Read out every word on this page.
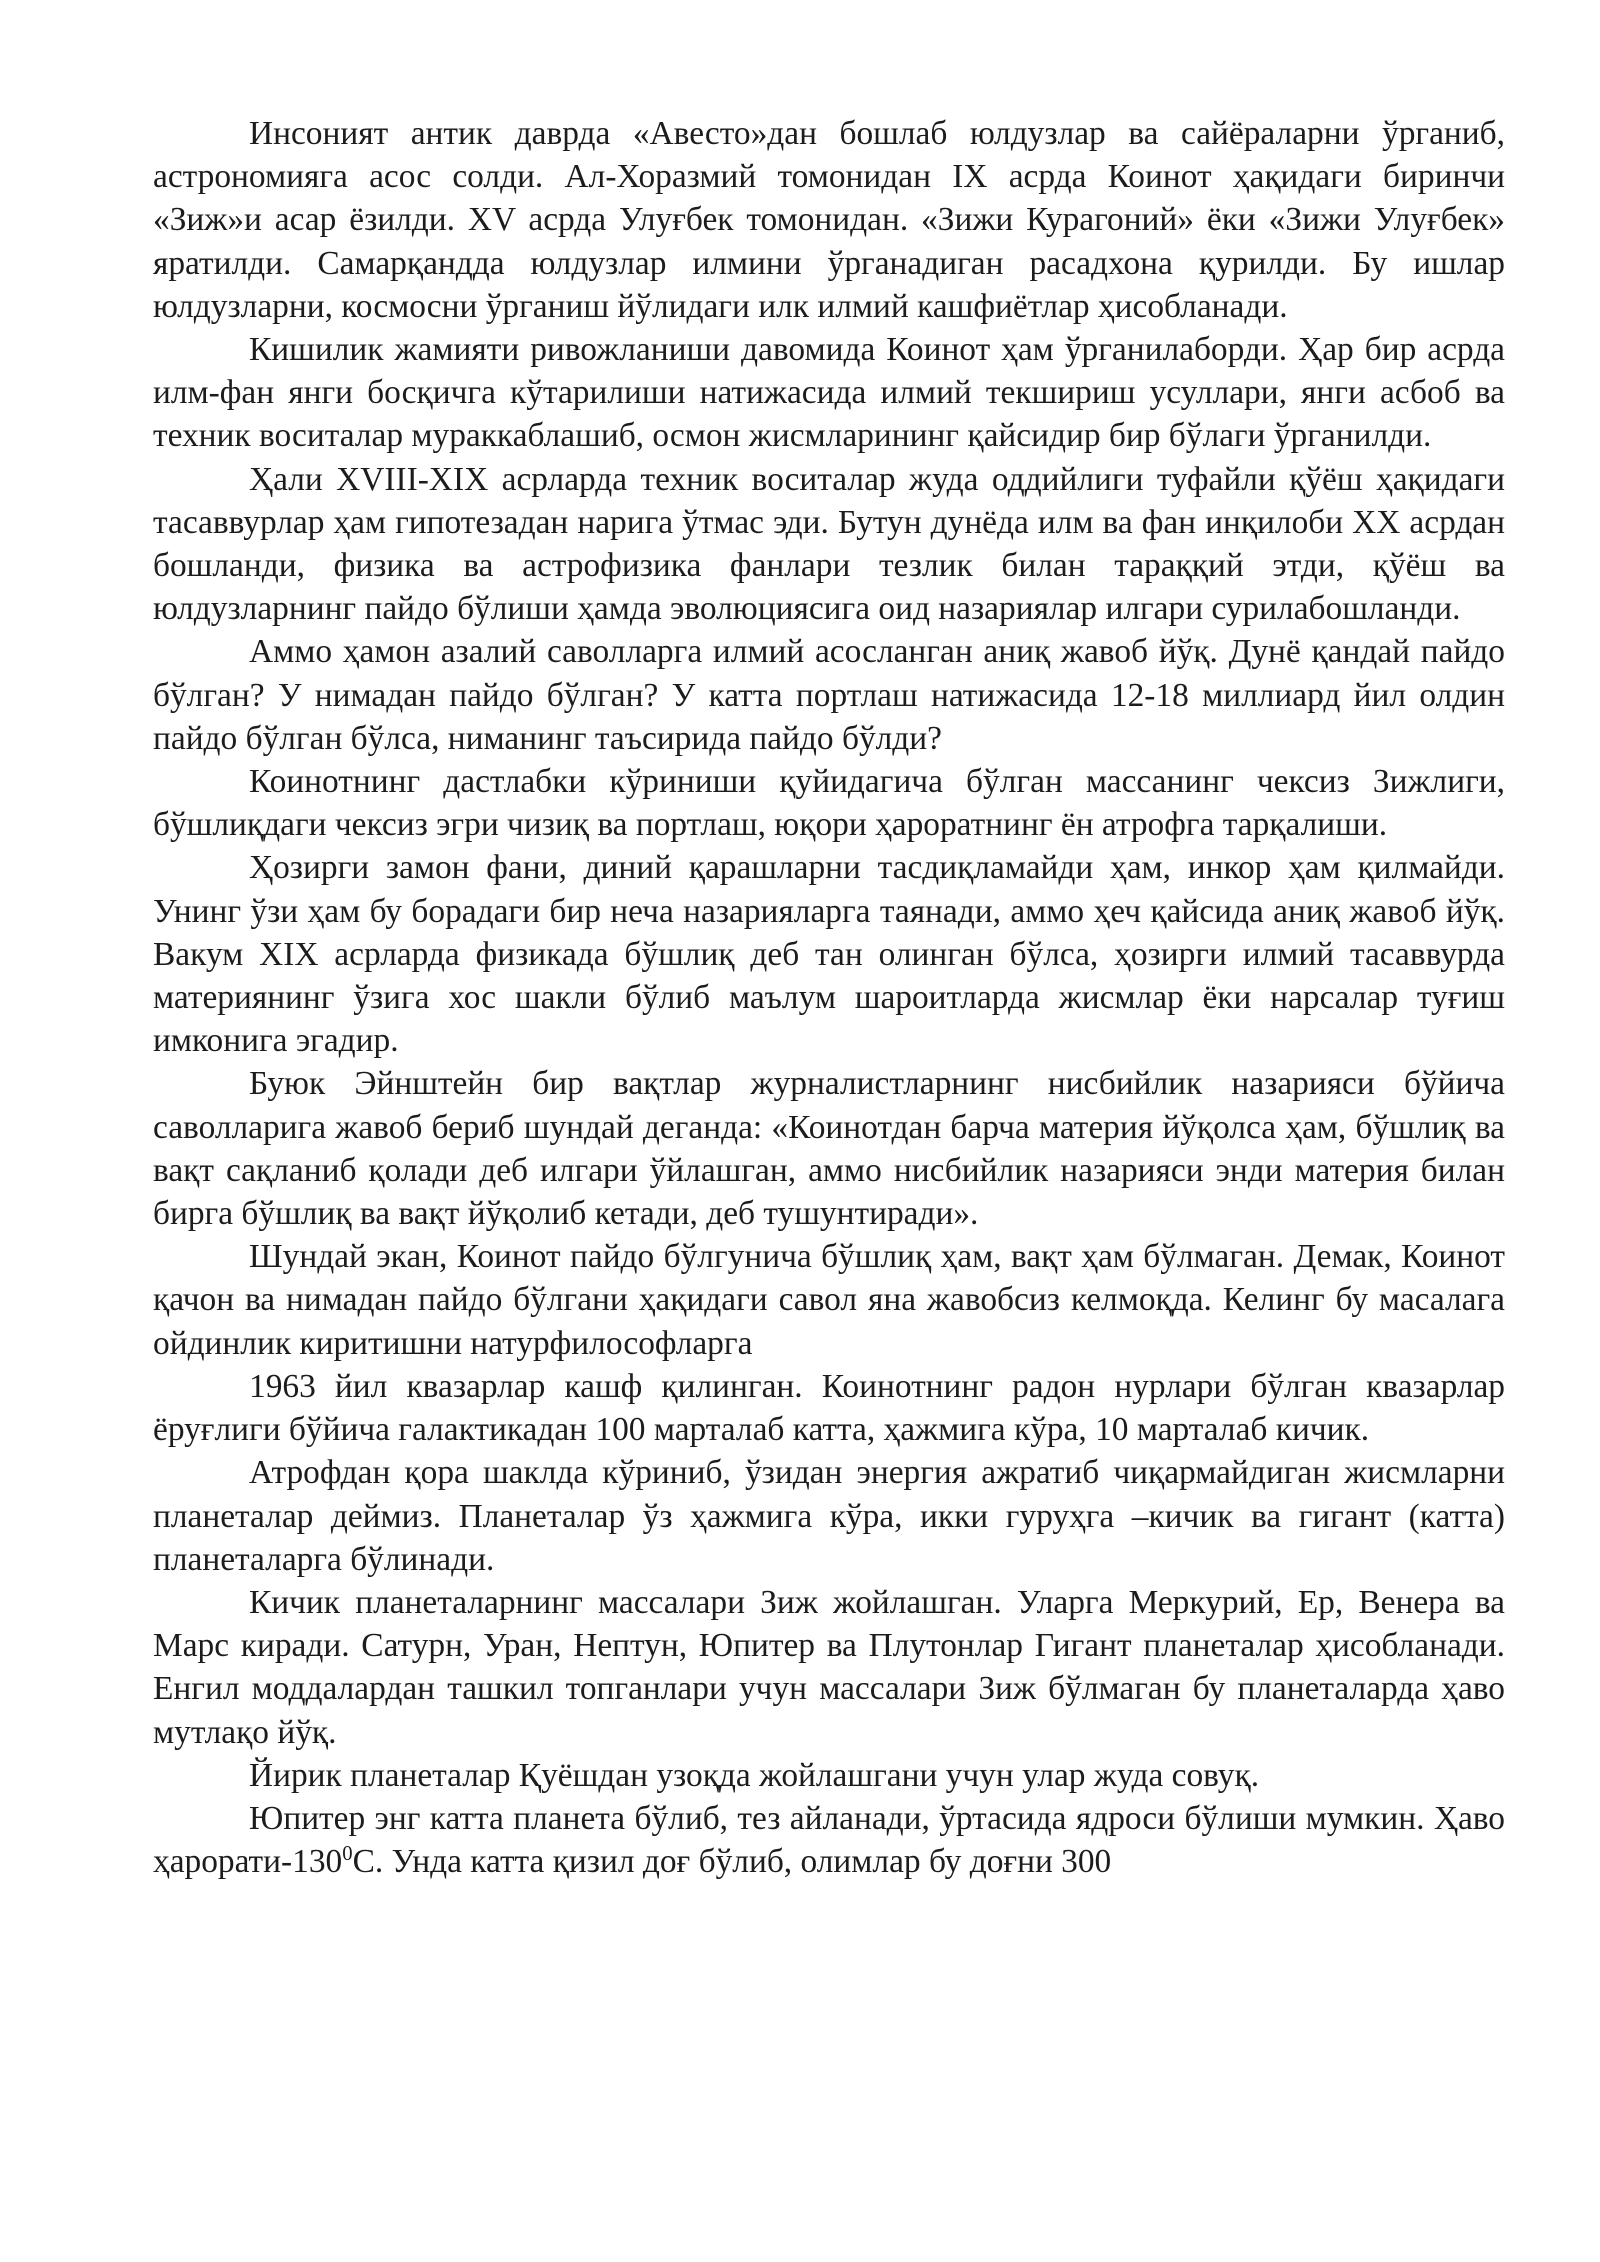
Инсоният антик даврда «Авесто»дан бошлаб юлдузлар ва сайёраларни ўрганиб, астрономияга асос солди. Ал-Хоразмий томонидан IX асрда Коинот ҳақидаги биринчи «Зиж»и асар ёзилди. XV асрда Улуғбек томонидан. «Зижи Курагоний» ёки «Зижи Улуғбек» яратилди. Самарқандда юлдузлар илмини ўрганадиган расадхона қурилди. Бу ишлар юлдузларни, космосни ўрганиш йўлидаги илк илмий кашфиётлар ҳисобланади.

Кишилик жамияти ривожланиши давомида Коинот ҳам ўрганилаборди. Ҳар бир асрда илм-фан янги босқичга кўтарилиши натижасида илмий текшириш усуллари, янги асбоб ва техник воситалар мураккаблашиб, осмон жисмларининг қайсидир бир бўлаги ўрганилди.

Ҳали XVIII-XIX асрларда техник воситалар жуда оддийлиги туфайли қўёш ҳақидаги тасаввурлар ҳам гипотезадан нарига ўтмас эди. Бутун дунёда илм ва фан инқилоби XX асрдан бошланди, физика ва астрофизика фанлари тезлик билан тараққий этди, қўёш ва юлдузларнинг пайдо бўлиши ҳамда эволюциясига оид назариялар илгари сурилабошланди.

Аммо ҳамон азалий саволларга илмий асосланган аниқ жавоб йўқ. Дунё қандай пайдо бўлган? У нимадан пайдо бўлган? У катта портлаш натижасида 12-18 миллиард йил олдин пайдо бўлган бўлса, ниманинг таъсирида пайдо бўлди?

Коинотнинг дастлабки кўриниши қуйидагича бўлган массанинг чексиз Зижлиги, бўшлиқдаги чексиз эгри чизиқ ва портлаш, юқори ҳароратнинг ён атрофга тарқалиши.

Ҳозирги замон фани, диний қарашларни тасдиқламайди ҳам, инкор ҳам қилмайди. Унинг ўзи ҳам бу борадаги бир неча назарияларга таянади, аммо ҳеч қайсида аниқ жавоб йўқ. Вакум XIX асрларда физикада бўшлиқ деб тан олинган бўлса, ҳозирги илмий тасаввурда материянинг ўзига хос шакли бўлиб маълум шароитларда жисмлар ёки нарсалар туғиш имконига эгадир.

Буюк Эйнштейн бир вақтлар журналистларнинг нисбийлик назарияси бўйича саволларига жавоб бериб шундай деганда: «Коинотдан барча материя йўқолса ҳам, бўшлиқ ва вақт сақланиб қолади деб илгари ўйлашган, аммо нисбийлик назарияси энди материя билан бирга бўшлиқ ва вақт йўқолиб кетади, деб тушунтиради».

Шундай экан, Коинот пайдо бўлгунича бўшлиқ ҳам, вақт ҳам бўлмаган. Демак, Коинот қачон ва нимадан пайдо бўлгани ҳақидаги савол яна жавобсиз келмоқда. Келинг бу масалага ойдинлик киритишни натурфилософларга

1963 йил квазарлар кашф қилинган. Коинотнинг радон нурлари бўлган квазарлар ёруғлиги бўйича галактикадан 100 марталаб катта, ҳажмига кўра, 10 марталаб кичик.

Атрофдан қора шаклда кўриниб, ўзидан энергия ажратиб чиқармайдиган жисмларни планеталар деймиз. Планеталар ўз ҳажмига кўра, икки гуруҳга –кичик ва гигант (катта) планеталарга бўлинади.

Кичик планеталарнинг массалари Зиж жойлашган. Уларга Меркурий, Ер, Венера ва Марс киради. Сатурн, Уран, Нептун, Юпитер ва Плутонлар Гигант планеталар ҳисобланади. Енгил моддалардан ташкил топганлари учун массалари Зиж бўлмаган бу планеталарда ҳаво мутлақо йўқ.

Йирик планеталар Қуёшдан узоқда жойлашгани учун улар жуда совуқ.

Юпитер энг катта планета бўлиб, тез айланади, ўртасида ядроси бўлиши мумкин. Ҳаво ҳарорати-$130^0С$. Унда катта қизил доғ бўлиб, олимлар бу доғни 300
